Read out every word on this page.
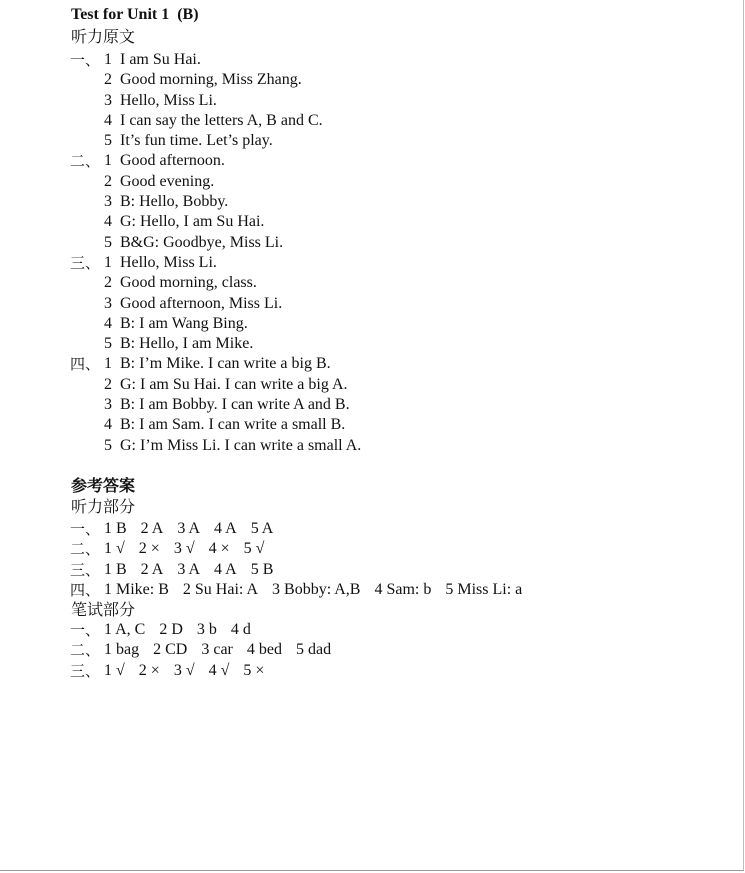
Test for Unit 1  (B)
听力原文
一、 1 I am Su Hai.
2 Good morning, Miss Zhang.
3 Hello, Miss Li.
4 I can say the letters A, B and C.
5 It’s fun time. Let’s play.
二、 1 Good afternoon.
2 Good evening.
3 B: Hello, Bobby.
4 G: Hello, I am Su Hai.
5 B&G: Goodbye, Miss Li.
三、 1 Hello, Miss Li.
2 Good morning, class.
3 Good afternoon, Miss Li.
4 B: I am Wang Bing.
5 B: Hello, I am Mike.
四、 1 B: I’m Mike. I can write a big B.
2 G: I am Su Hai. I can write a big A.
3 B: I am Bobby. I can write A and B.
4 B: I am Sam. I can write a small B.
5 G: I’m Miss Li. I can write a small A.
参考答案
听力部分
一、 1 B 2 A 3 A 4 A 5 A
二、 1 √ 2 × 3 √ 4 × 5 √
三、 1 B 2 A 3 A 4 A 5 B
四、 1 Mike: B 2 Su Hai: A 3 Bobby: A,B 4 Sam: b 5 Miss Li: a
笔试部分
一、 1 A, C 2 D 3 b 4 d
二、 1 bag 2 CD 3 car 4 bed 5 dad
三、 1 √ 2 × 3 √ 4 √ 5 ×
